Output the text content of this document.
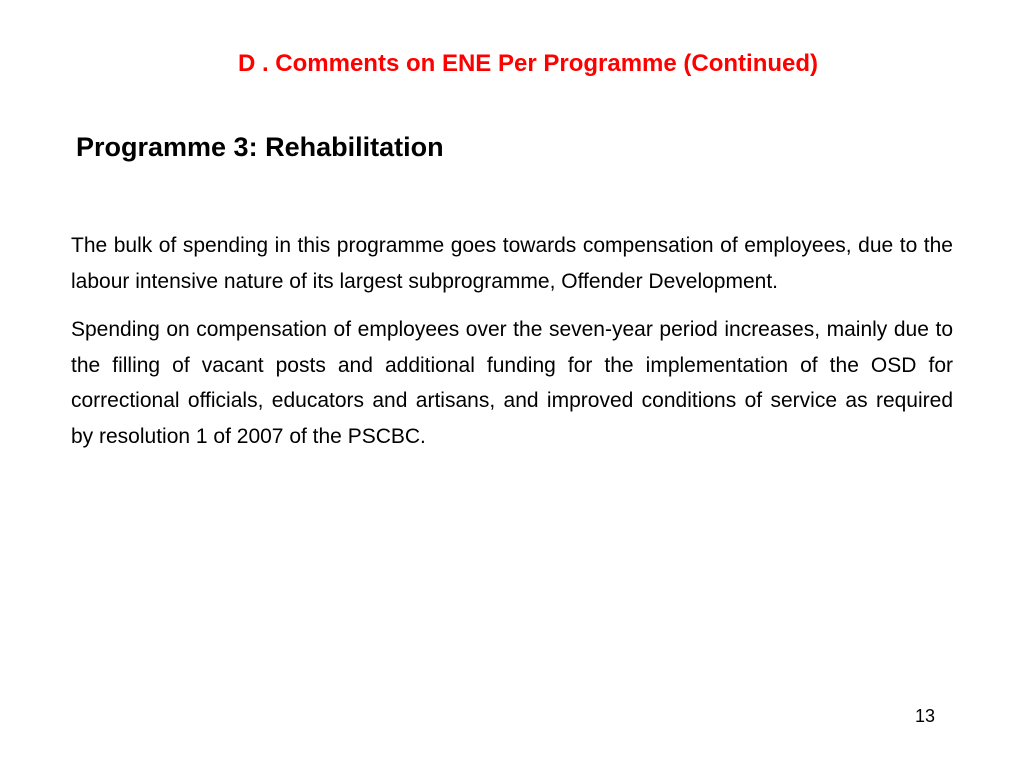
D . Comments on ENE Per Programme (Continued)
Programme 3: Rehabilitation

The bulk of spending in this programme goes towards compensation of employees, due to the labour intensive nature of its largest subprogramme, Offender Development.

Spending on compensation of employees over the seven-year period increases, mainly due to the filling of vacant posts and additional funding for the implementation of the OSD for correctional officials, educators and artisans, and improved conditions of service as required by resolution 1 of 2007 of the PSCBC.

13
